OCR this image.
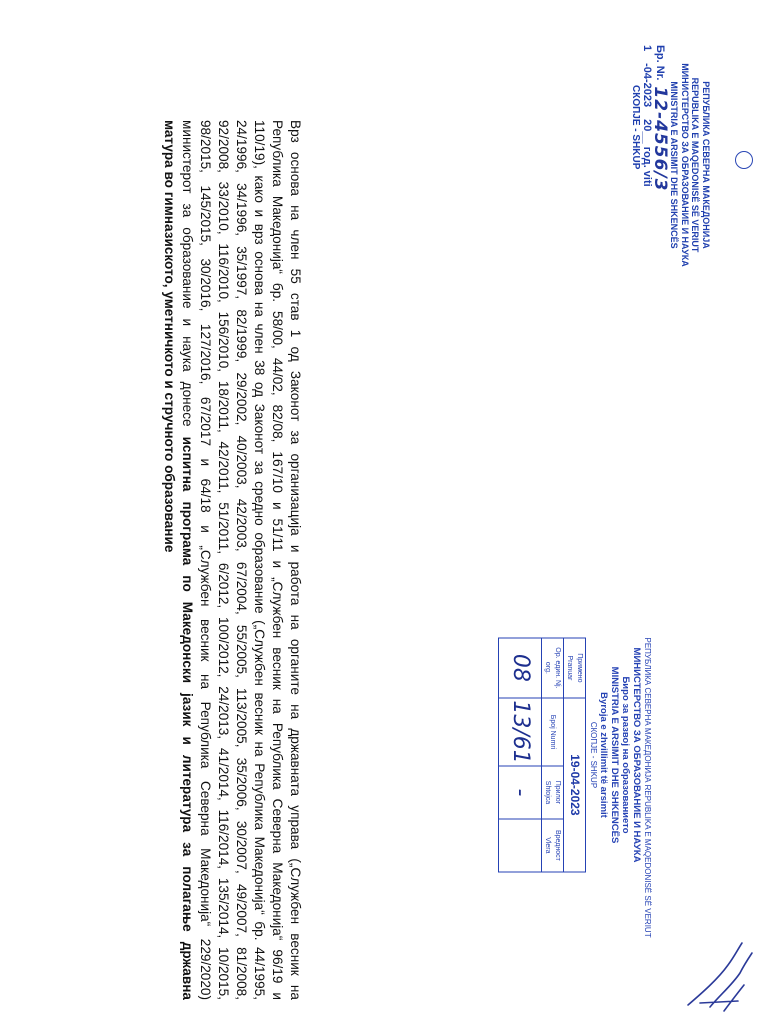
Врз основа на член 55 став 1 од Законот за организација и работа на органите на државната управа („Службен весник на

Република Македонија“ бр. 58/00, 44/02, 82/08, 167/10 и 51/11 и „Службен весник на Република Северна Македонија“ 96/19 и

110/19), како и врз основа на член 38 од Законот за средно образование („Службен весник на Република Македонија“ бр. 44/1995,

24/1996, 34/1996, 35/1997, 82/1999, 29/2002, 40/2003, 42/2003, 67/2004, 55/2005, 113/2005, 35/2006, 30/2007, 49/2007, 81/2008,

92/2008, 33/2010, 116/2010, 156/2010, 18/2011, 42/2011, 51/2011, 6/2012, 100/2012, 24/2013, 41/2014, 116/2014, 135/2014, 10/2015,

98/2015, 145/2015, 30/2016, 127/2016, 67/2017 и 64/18 и „Службен весник на Република Северна Македонија“ 229/2020)

министерот за образование и наука донесе испитна програма по Македонски јазик и литература за полагање државна

матура во гимназиското, уметничкото и стручното образование	РЕПУБЛИКА СЕВЕРНА МАКЕДОНИЈА
REPUBLIKA E MAQEDONISË SË VERIUT
МИНИСТЕРСТВО ЗА ОБРАЗОВАНИЕ И НАУКА
MINISTRIA E ARSIMIT DHE SHKENCËS
Бр. Nr.
12-4556/3
1
-04-2023
20__ год. viti
СКОПЈЕ - SHKUP
РЕПУБЛИКА СЕВЕРНА МАКЕДОНИЈА REPUBLIKA E MAQEDONISË SË VERIUT
МИНИСТЕРСТВО ЗА ОБРАЗОВАНИЕ И НАУКА
Биро за развој на образованието
MINISTRIA E ARSIMIT DHE SHKENCËS
Byroja e zhvillimit të arsimit
СКОПЈЕ - SHKUP
Примено Pranuar	19-04-2023		
Ор. един. Nj. org.	Број Numri	Прилог Shtojca	Вредност Vlera
08	13/61	-	
